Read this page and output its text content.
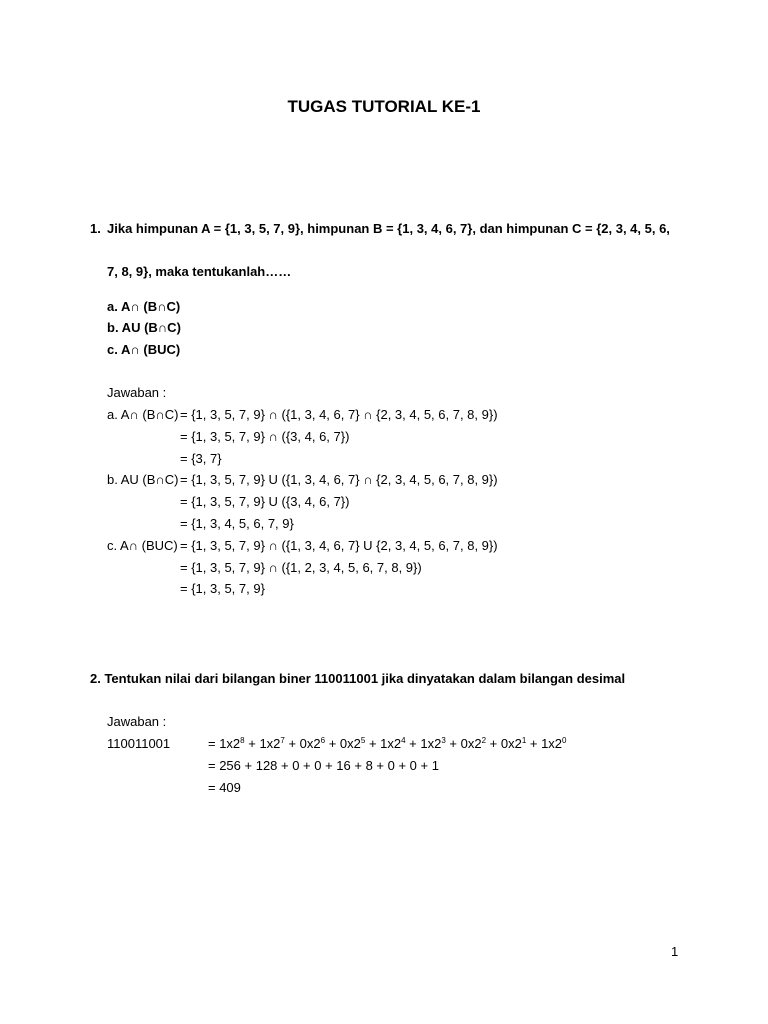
TUGAS TUTORIAL KE-1
1. Jika himpunan A = {1, 3, 5, 7, 9}, himpunan B = {1, 3, 4, 6, 7}, dan himpunan C = {2, 3, 4, 5, 6,
7, 8, 9}, maka tentukanlah……
a. A∩ (B∩C)
b. AU (B∩C)
c. A∩ (BUC)
Jawaban :
a. A∩ (B∩C) = {1, 3, 5, 7, 9} ∩ ({1, 3, 4, 6, 7} ∩ {2, 3, 4, 5, 6, 7, 8, 9})
= {1, 3, 5, 7, 9} ∩ ({3, 4, 6, 7})
= {3, 7}
b. AU (B∩C) = {1, 3, 5, 7, 9} U ({1, 3, 4, 6, 7} ∩ {2, 3, 4, 5, 6, 7, 8, 9})
= {1, 3, 5, 7, 9} U ({3, 4, 6, 7})
= {1, 3, 4, 5, 6, 7, 9}
c. A∩ (BUC) = {1, 3, 5, 7, 9} ∩ ({1, 3, 4, 6, 7} U {2, 3, 4, 5, 6, 7, 8, 9})
= {1, 3, 5, 7, 9} ∩ ({1, 2, 3, 4, 5, 6, 7, 8, 9})
= {1, 3, 5, 7, 9}
2. Tentukan nilai dari bilangan biner 110011001 jika dinyatakan dalam bilangan desimal
Jawaban :
110011001	= $1x2^8 + 1x2^7 + 0x2^6 + 0x2^5 + 1x2^4 + 1x2^3 + 0x2^2 + 0x2^1 + 1x2^0$
= 256 + 128 + 0 + 0 + 16 + 8 + 0 + 0 + 1
= 409
1
